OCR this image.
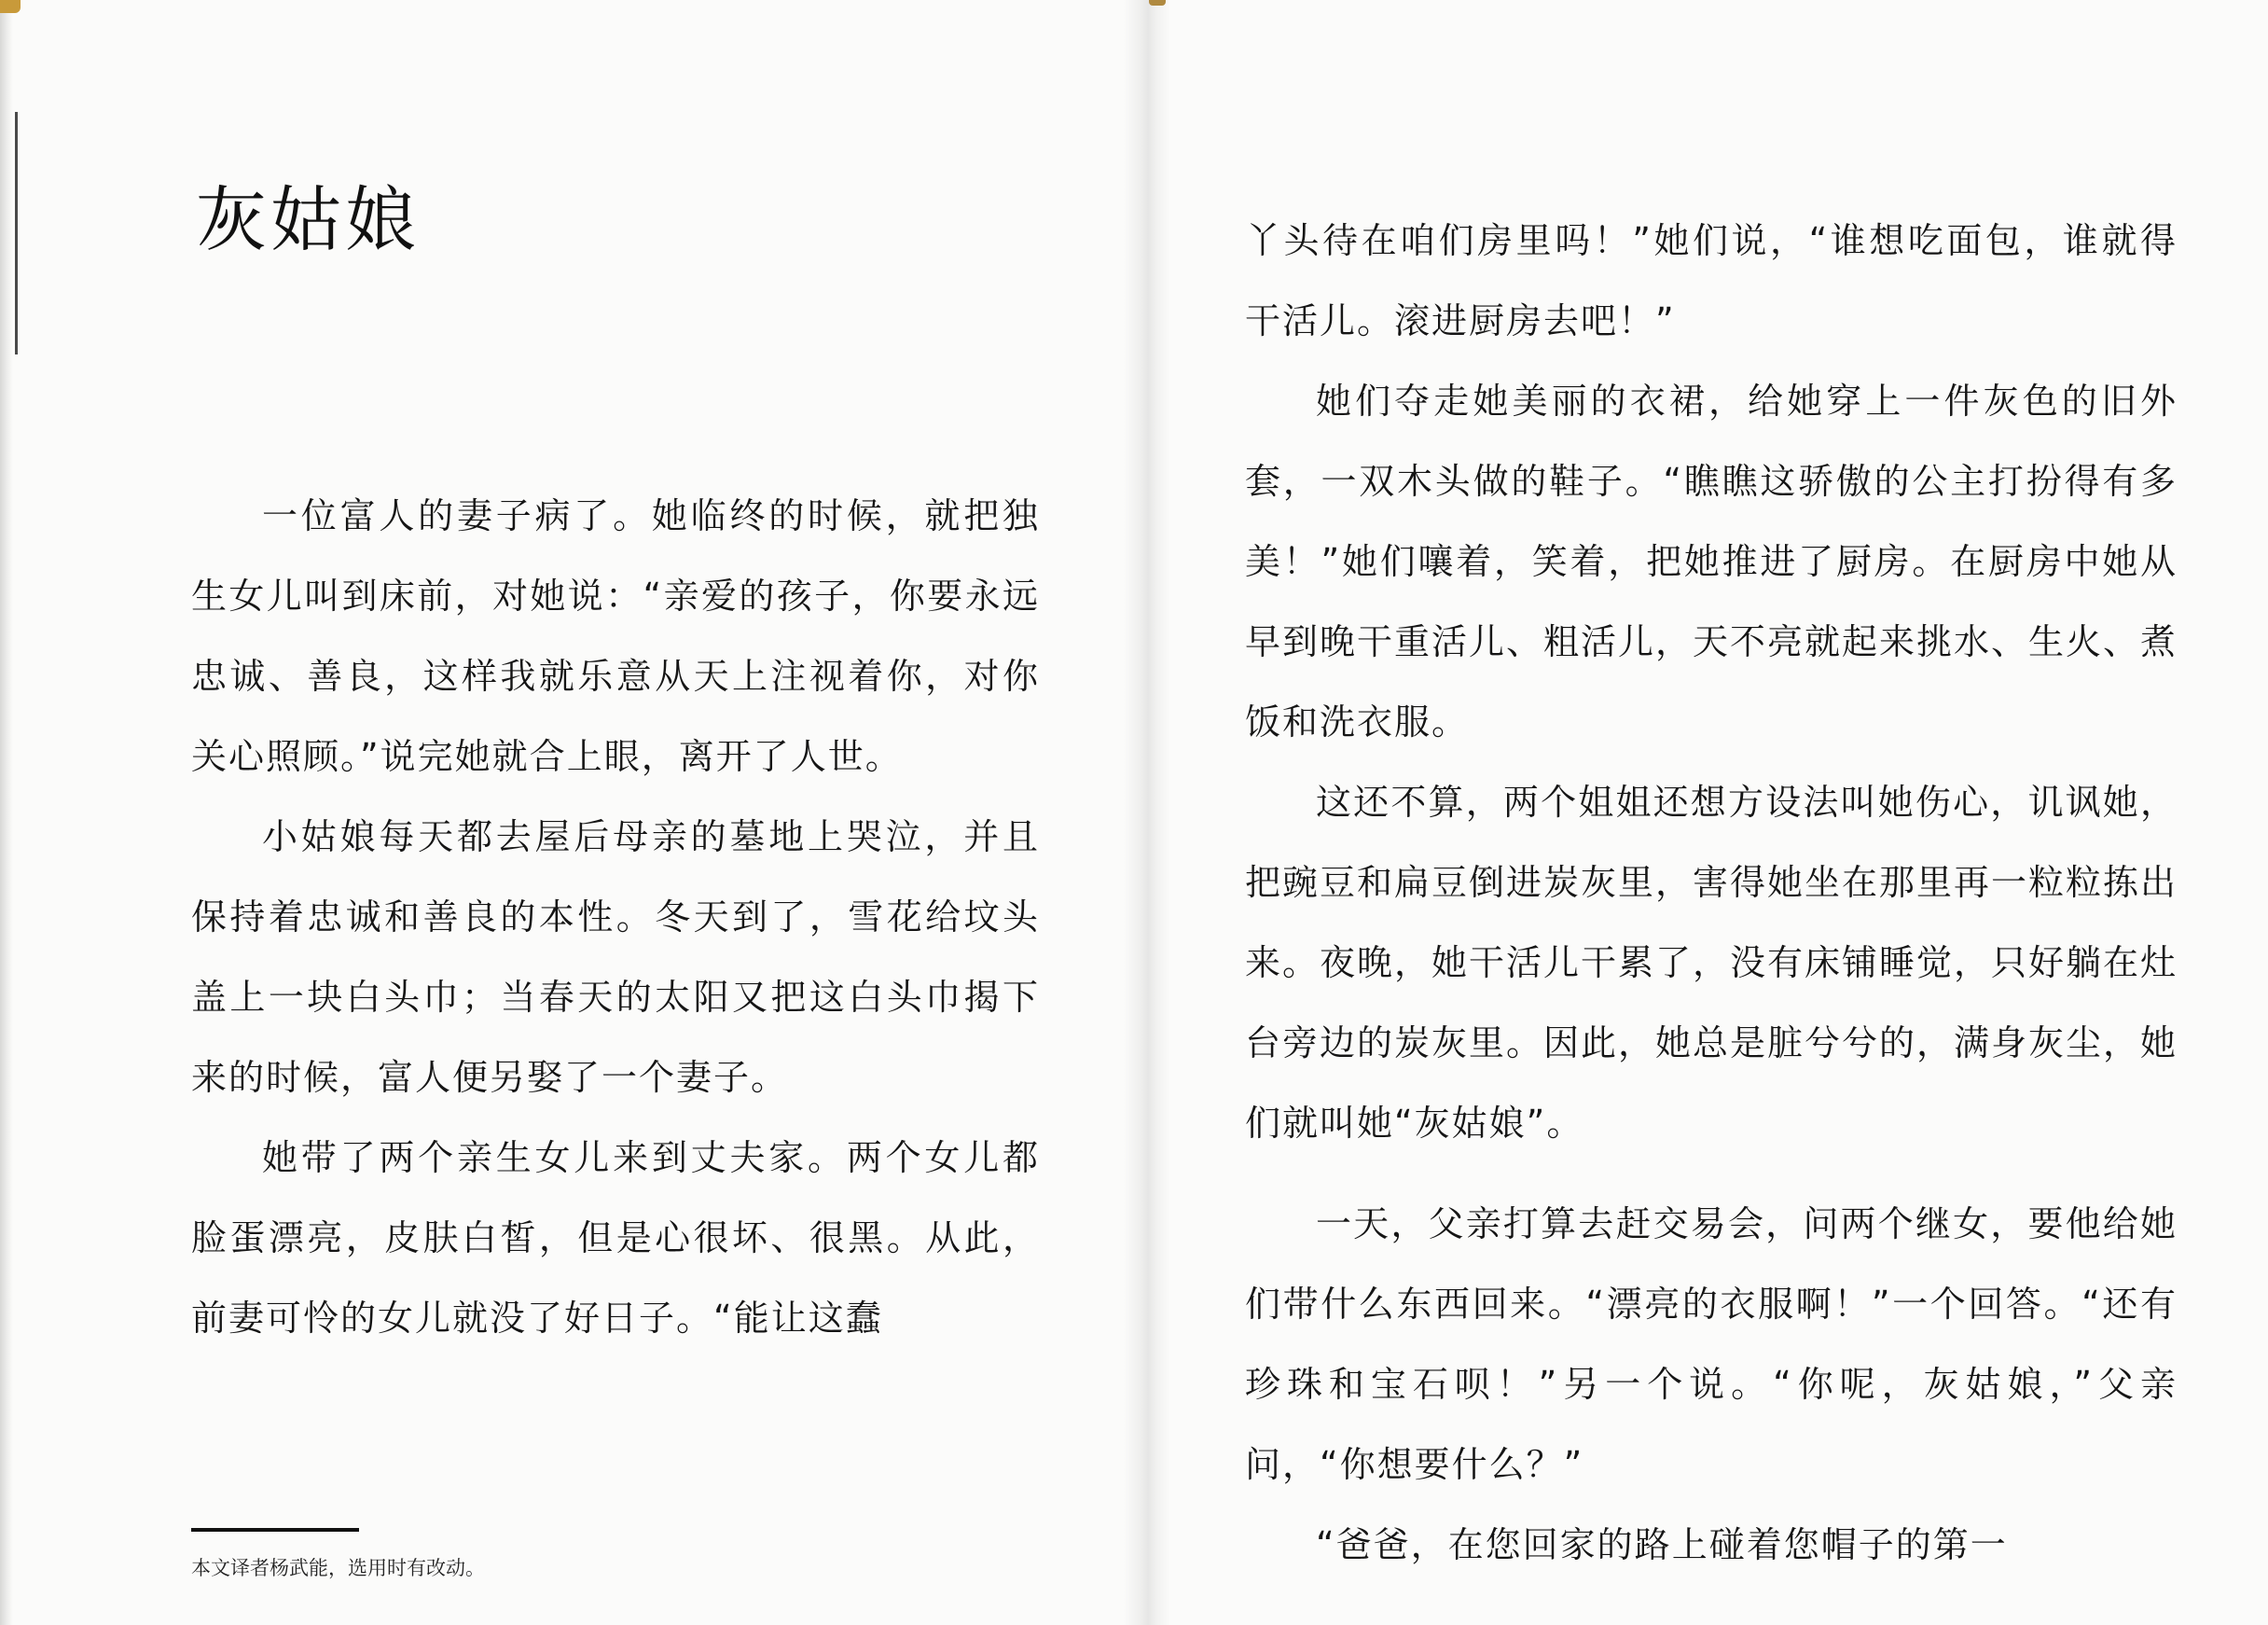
灰姑娘

一位富人的妻子病了。她临终的时候，就把独生女儿叫到床前，对她说：“亲爱的孩子，你要永远忠诚、善良，这样我就乐意从天上注视着你，对你关心照顾。”说完她就合上眼，离开了人世。

小姑娘每天都去屋后母亲的墓地上哭泣，并且保持着忠诚和善良的本性。冬天到了，雪花给坟头盖上一块白头巾；当春天的太阳又把这白头巾揭下来的时候，富人便另娶了一个妻子。

她带了两个亲生女儿来到丈夫家。两个女儿都脸蛋漂亮，皮肤白皙，但是心很坏、很黑。从此，前妻可怜的女儿就没了好日子。“能让这蠢

本文译者杨武能，选用时有改动。

丫头待在咱们房里吗！”她们说，“谁想吃面包，谁就得干活儿。滚进厨房去吧！”

她们夺走她美丽的衣裙，给她穿上一件灰色的旧外套，一双木头做的鞋子。“瞧瞧这骄傲的公主打扮得有多美！”她们嚷着，笑着，把她推进了厨房。在厨房中她从早到晚干重活儿、粗活儿，天不亮就起来挑水、生火、煮饭和洗衣服。

这还不算，两个姐姐还想方设法叫她伤心，讥讽她，把豌豆和扁豆倒进炭灰里，害得她坐在那里再一粒粒拣出来。夜晚，她干活儿干累了，没有床铺睡觉，只好躺在灶台旁边的炭灰里。因此，她总是脏兮兮的，满身灰尘，她们就叫她“灰姑娘”。

一天，父亲打算去赶交易会，问两个继女，要他给她们带什么东西回来。“漂亮的衣服啊！”一个回答。“还有珍珠和宝石呗！”另一个说。“你呢，灰姑娘，”父亲问，“你想要什么？”

“爸爸，在您回家的路上碰着您帽子的第一
